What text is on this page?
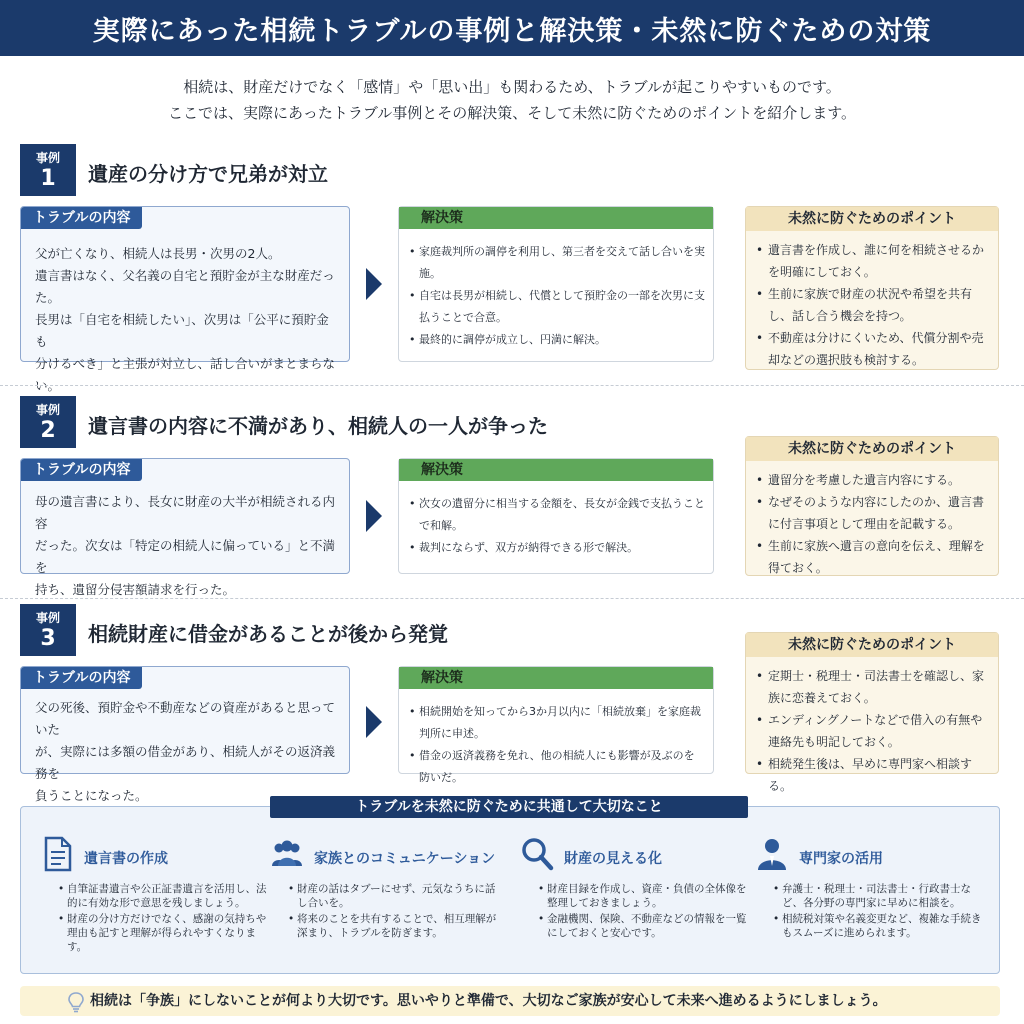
実際にあった相続トラブルの事例と解決策・未然に防ぐための対策
相続は、財産だけでなく「感情」や「思い出」も関わるため、トラブルが起こりやすいものです。
ここでは、実際にあったトラブル事例とその解決策、そして未然に防ぐためのポイントを紹介します。
事例
1	遺産の分け方で兄弟が対立
トラブルの内容
父が亡くなり、相続人は長男・次男の2人。
遺言書はなく、父名義の自宅と預貯金が主な財産だった。
長男は「自宅を相続したい」、次男は「公平に預貯金も
分けるべき」と主張が対立し、話し合いがまとまらない。
解決策
• 家庭裁判所の調停を利用し、第三者を交えて話し合いを実施。
• 自宅は長男が相続し、代償として預貯金の一部を次男に支払うことで合意。
• 最終的に調停が成立し、円満に解決。
未然に防ぐためのポイント
• 遺言書を作成し、誰に何を相続させるかを明確にしておく。
• 生前に家族で財産の状況や希望を共有し、話し合う機会を持つ。
• 不動産は分けにくいため、代償分割や売却などの選択肢も検討する。
事例
2	遺言書の内容に不満があり、相続人の一人が争った
トラブルの内容
母の遺言書により、長女に財産の大半が相続される内容
だった。次女は「特定の相続人に偏っている」と不満を
持ち、遺留分侵害額請求を行った。
解決策
• 次女の遺留分に相当する金額を、長女が金銭で支払うことで和解。
• 裁判にならず、双方が納得できる形で解決。
未然に防ぐためのポイント
• 遺留分を考慮した遺言内容にする。
• なぜそのような内容にしたのか、遺言書に付言事項として理由を記載する。
• 生前に家族へ遺言の意向を伝え、理解を得ておく。
事例
3	相続財産に借金があることが後から発覚
トラブルの内容
父の死後、預貯金や不動産などの資産があると思っていた
が、実際には多額の借金があり、相続人がその返済義務を
負うことになった。
解決策
• 相続開始を知ってから3か月以内に「相続放棄」を家庭裁判所に申述。
• 借金の返済義務を免れ、他の相続人にも影響が及ぶのを防いだ。
未然に防ぐためのポイント
• 定期士・税理士・司法書士を確認し、家族に恋養えておく。
• エンディングノートなどで借入の有無や連絡先も明記しておく。
• 相続発生後は、早めに専門家へ相談する。
トラブルを未然に防ぐために共通して大切なこと
遺言書の作成
• 自筆証書遺言や公正証書遺言を活用し、法的に有効な形で意思を残しましょう。
• 財産の分け方だけでなく、感謝の気持ちや理由も記すと理解が得られやすくなります。
家族とのコミュニケーション
• 財産の話はタブーにせず、元気なうちに話し合いを。
• 将来のことを共有することで、相互理解が深まり、トラブルを防ぎます。
財産の見える化
• 財産目録を作成し、資産・負債の全体像を整理しておきましょう。
• 金融機関、保険、不動産などの情報を一覧にしておくと安心です。
専門家の活用
• 弁護士・税理士・司法書士・行政書士など、各分野の専門家に早めに相談を。
• 相続税対策や名義変更など、複雑な手続きもスムーズに進められます。
相続は「争族」にしないことが何より大切です。思いやりと準備で、大切なご家族が安心して未来へ進めるようにしましょう。
